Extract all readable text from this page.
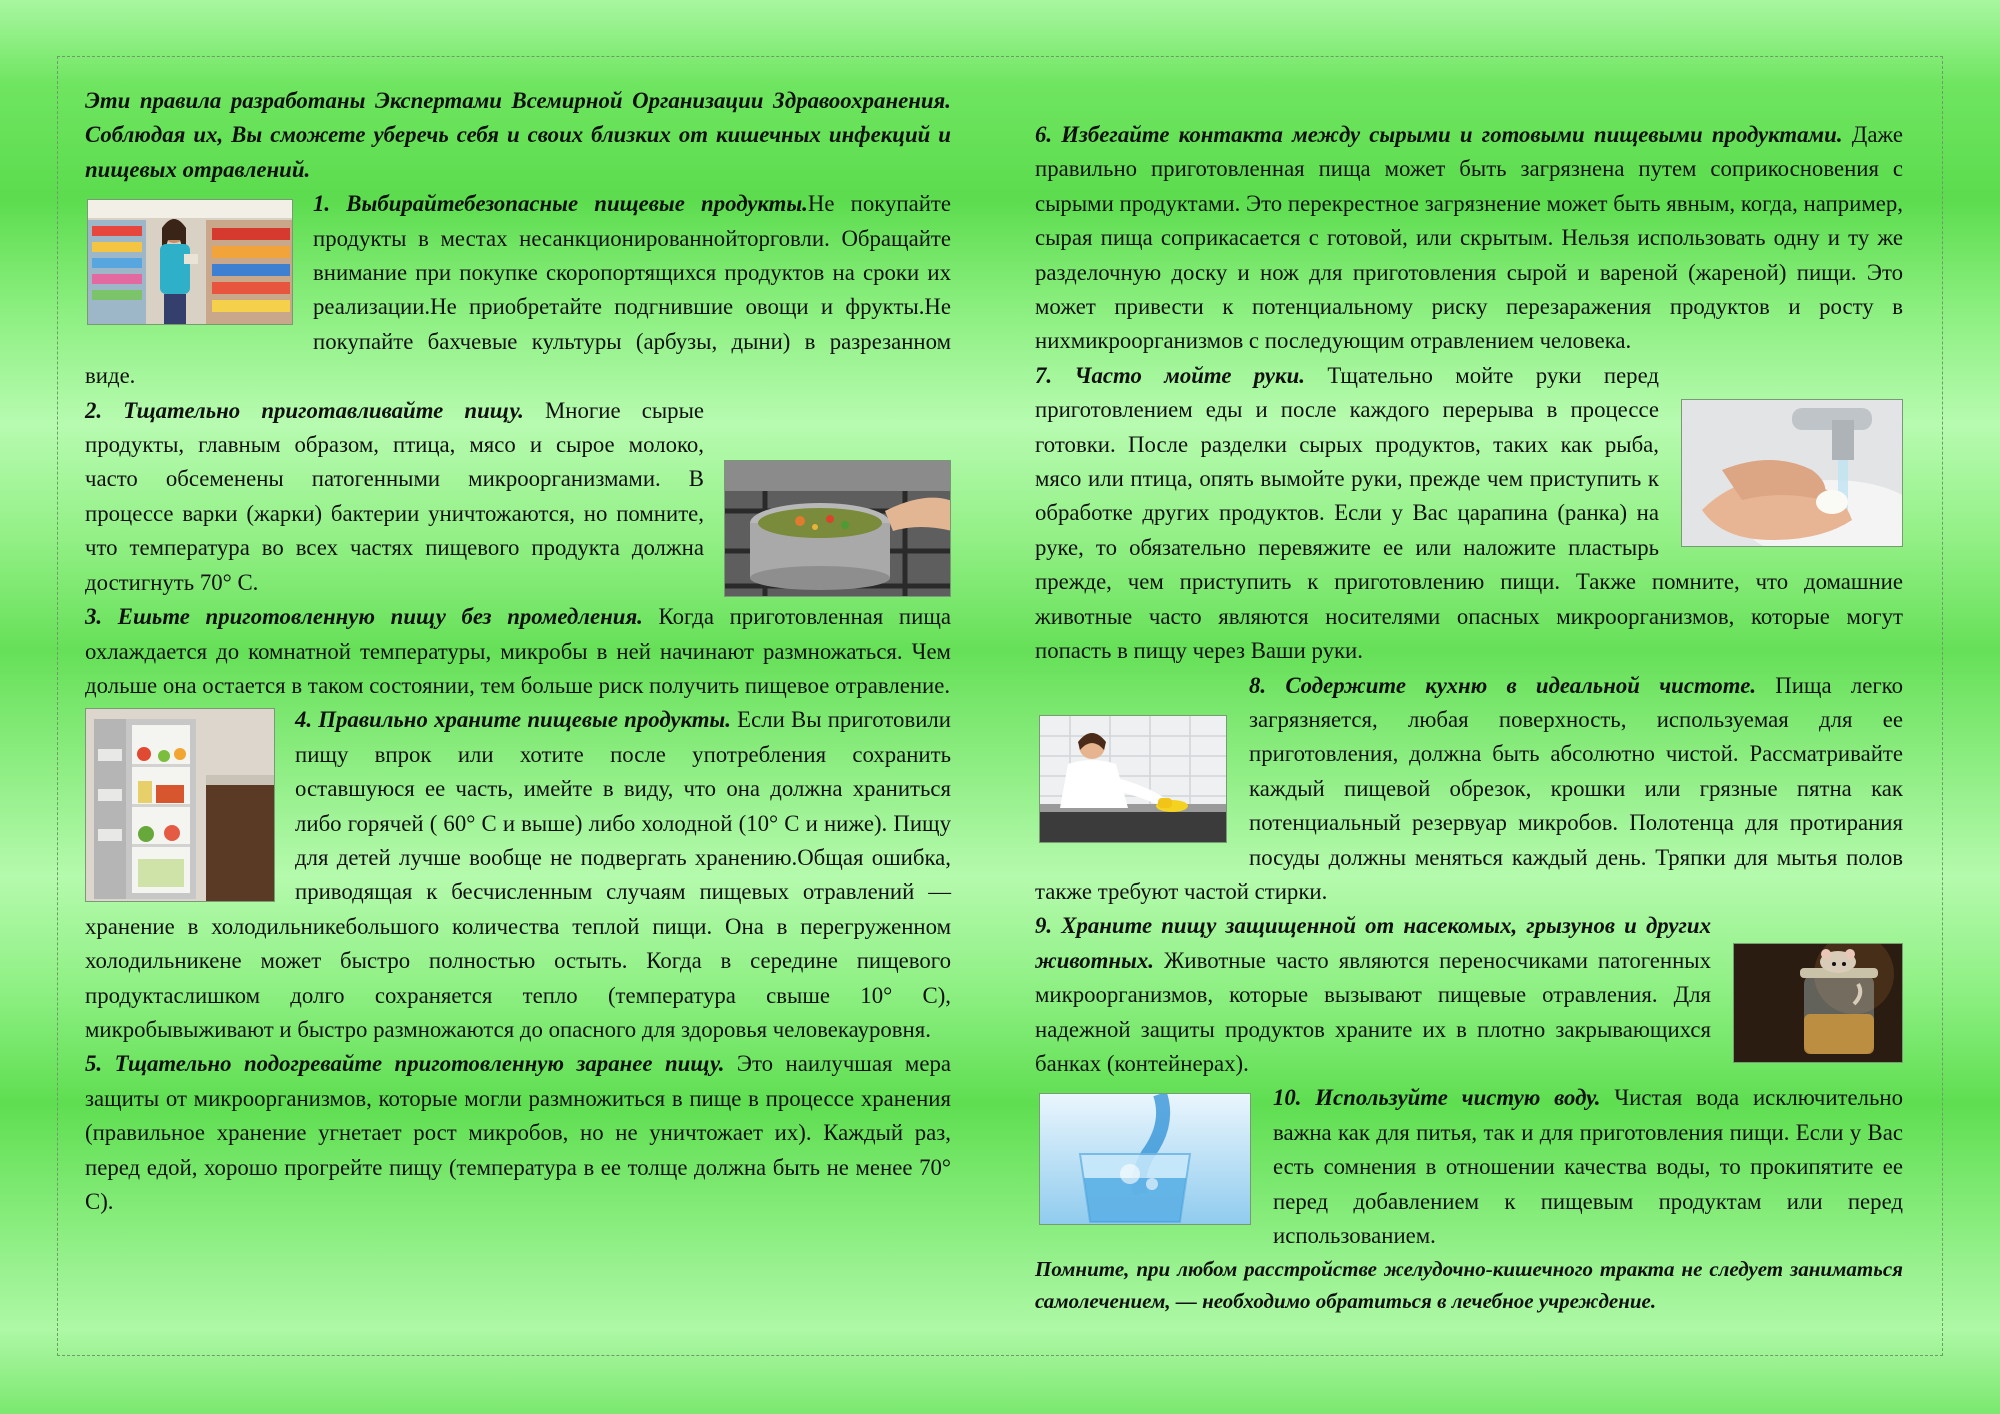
Эти правила разработаны Экспертами Всемирной Организации Здравоохранения. Соблюдая их, Вы сможете уберечь себя и своих близких от кишечных инфекций и пищевых отравлений.

1. Выбирайтебезопасные пищевые продукты.Не покупайте продукты в местах несанкционированнойторговли. Обращайте внимание при покупке скоропортящихся продуктов на сроки их реализации.Не приобретайте подгнившие овощи и фрукты.Не покупайте бахчевые культуры (арбузы, дыни) в разрезанном виде.

2. Тщательно приготавливайте пищу. Многие сырые продукты, главным образом, птица, мясо и сырое молоко, часто обсеменены патогенными микроорганизмами. В процессе варки (жарки) бактерии уничтожаются, но помните, что температура во всех частях пищевого продукта должна достигнуть 70° С.

3. Ешьте приготовленную пищу без промедления. Когда приготовленная пища охлаждается до комнатной температуры, микробы в ней начинают размножаться. Чем дольше она остается в таком состоянии, тем больше риск получить пищевое отравление.

4. Правильно храните пищевые продукты. Если Вы приготовили пищу впрок или хотите после употребления сохранить оставшуюся ее часть, имейте в виду, что она должна храниться либо горячей ( 60° С и выше) либо холодной (10° С и ниже). Пищу для детей лучше вообще не подвергать хранению.Общая ошибка, приводящая к бесчисленным случаям пищевых отравлений — хранение в холодильникебольшого количества теплой пищи. Она в перегруженном холодильникене может быстро полностью остыть. Когда в середине пищевого продуктаслишком долго сохраняется тепло (температура свыше 10° С), микробывыживают и быстро размножаются до опасного для здоровья человекауровня.

5. Тщательно подогревайте приготовленную заранее пищу. Это наилучшая мера защиты от микроорганизмов, которые могли размножиться в пище в процессе хранения (правильное хранение угнетает рост микробов, но не уничтожает их). Каждый раз, перед едой, хорошо прогрейте пищу (температура в ее толще должна быть не менее 70° С).

6. Избегайте контакта между сырыми и готовыми пищевыми продуктами. Даже правильно приготовленная пища может быть загрязнена путем соприкосновения с сырыми продуктами. Это перекрестное загрязнение может быть явным, когда, например, сырая пища соприкасается с готовой, или скрытым. Нельзя использовать одну и ту же разделочную доску и нож для приготовления сырой и вареной (жареной) пищи. Это может привести к потенциальному риску перезаражения продуктов и росту в нихмикроорганизмов с последующим отравлением человека.

7. Часто мойте руки. Тщательно мойте руки перед приготовлением еды и после каждого перерыва в процессе готовки. После разделки сырых продуктов, таких как рыба, мясо или птица, опять вымойте руки, прежде чем приступить к обработке других продуктов. Если у Вас царапина (ранка) на руке, то обязательно перевяжите ее или наложите пластырь прежде, чем приступить к приготовлению пищи. Также помните, что домашние животные часто являются носителями опасных микроорганизмов, которые могут попасть в пищу через Ваши руки.

8. Содержите кухню в идеальной чистоте. Пища легко загрязняется, любая поверхность, используемая для ее приготовления, должна быть абсолютно чистой. Рассматривайте каждый пищевой обрезок, крошки или грязные пятна как потенциальный резервуар микробов. Полотенца для протирания посуды должны меняться каждый день. Тряпки для мытья полов также требуют частой стирки.

9. Храните пищу защищенной от насекомых, грызунов и других животных. Животные часто являются переносчиками патогенных микроорганизмов, которые вызывают пищевые отравления. Для надежной защиты продуктов храните их в плотно закрывающихся банках (контейнерах).

10. Используйте чистую воду. Чистая вода исключительно важна как для питья, так и для приготовления пищи. Если у Вас есть сомнения в отношении качества воды, то прокипятите ее перед добавлением к пищевым продуктам или перед использованием.

Помните, при любом расстройстве желудочно-кишечного тракта не следует заниматься самолечением, — необходимо обратиться в лечебное учреждение.
